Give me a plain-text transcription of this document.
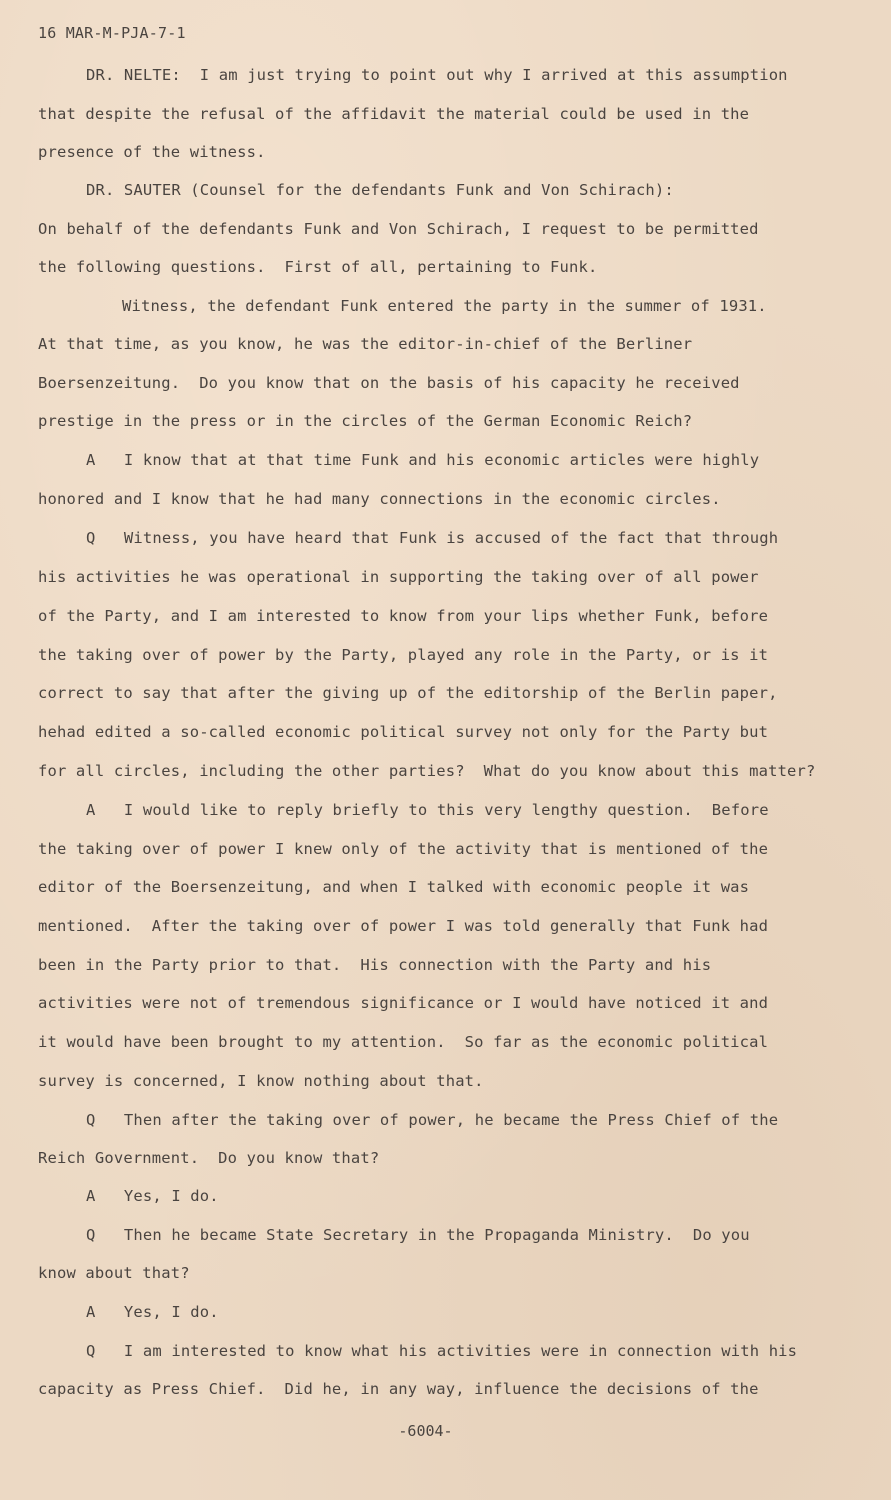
16 MAR-M-PJA-7-1
DR. NELTE:  I am just trying to point out why I arrived at this assumption
that despite the refusal of the affidavit the material could be used in the
presence of the witness.
DR. SAUTER (Counsel for the defendants Funk and Von Schirach):
On behalf of the defendants Funk and Von Schirach, I request to be permitted
the following questions.  First of all, pertaining to Funk.
Witness, the defendant Funk entered the party in the summer of 1931.
At that time, as you know, he was the editor-in-chief of the Berliner
Boersenzeitung.  Do you know that on the basis of his capacity he received
prestige in the press or in the circles of the German Economic Reich?
A   I know that at that time Funk and his economic articles were highly
honored and I know that he had many connections in the economic circles.
Q   Witness, you have heard that Funk is accused of the fact that through
his activities he was operational in supporting the taking over of all power
of the Party, and I am interested to know from your lips whether Funk, before
the taking over of power by the Party, played any role in the Party, or is it
correct to say that after the giving up of the editorship of the Berlin paper,
hehad edited a so-called economic political survey not only for the Party but
for all circles, including the other parties?  What do you know about this matter?
A   I would like to reply briefly to this very lengthy question.  Before
the taking over of power I knew only of the activity that is mentioned of the
editor of the Boersenzeitung, and when I talked with economic people it was
mentioned.  After the taking over of power I was told generally that Funk had
been in the Party prior to that.  His connection with the Party and his
activities were not of tremendous significance or I would have noticed it and
it would have been brought to my attention.  So far as the economic political
survey is concerned, I know nothing about that.
Q   Then after the taking over of power, he became the Press Chief of the
Reich Government.  Do you know that?
A   Yes, I do.
Q   Then he became State Secretary in the Propaganda Ministry.  Do you
know about that?
A   Yes, I do.
Q   I am interested to know what his activities were in connection with his
capacity as Press Chief.  Did he, in any way, influence the decisions of the
-6004-
